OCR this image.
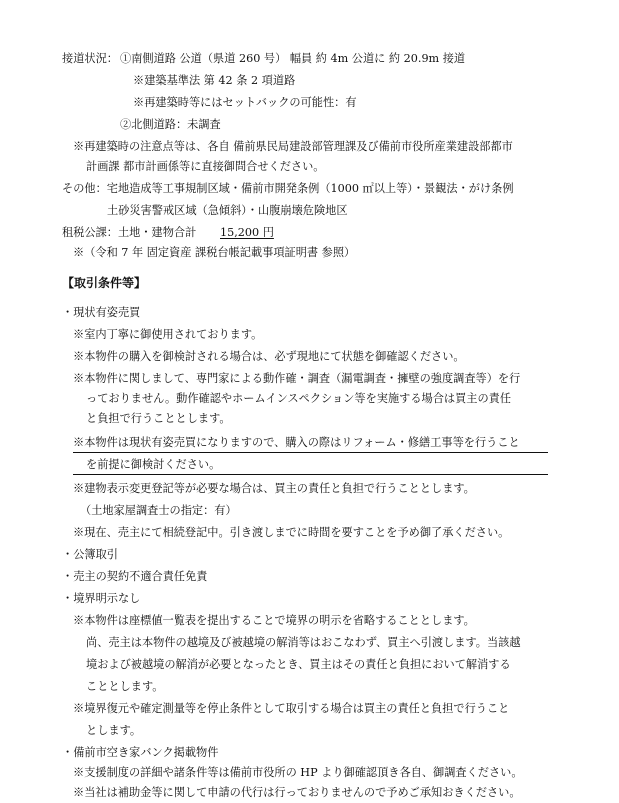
接道状況： ①南側道路 公道（県道 260 号） 幅員 約 4m 公道に 約 20.9m 接道
※建築基準法 第 42 条 2 項道路
※再建築時等にはセットバックの可能性：有
②北側道路：未調査
※再建築時の注意点等は、各自 備前県民局建設部管理課及び備前市役所産業建設部都市
計画課 都市計画係等に直接御問合せください。
その他：宅地造成等工事規制区域・備前市開発条例（1000 ㎡以上等）・景観法・がけ条例
土砂災害警戒区域（急傾斜）・山腹崩壊危険地区
租税公課：土地・建物合計	15,200 円
※（令和 7 年 固定資産 課税台帳記載事項証明書 参照）
【取引条件等】
・現状有姿売買
※室内丁寧に御使用されております。
※本物件の購入を御検討される場合は、必ず現地にて状態を御確認ください。
※本物件に関しまして、専門家による動作確・調査（漏電調査・擁壁の強度調査等）を行
っておりません。動作確認やホームインスペクション等を実施する場合は買主の責任
と負担で行うこととします。
※本物件は現状有姿売買になりますので、購入の際はリフォーム・修繕工事等を行うこと
を前提に御検討ください。
※建物表示変更登記等が必要な場合は、買主の責任と負担で行うこととします。
（土地家屋調査士の指定：有）
※現在、売主にて相続登記中。引き渡しまでに時間を要すことを予め御了承ください。
・公簿取引
・売主の契約不適合責任免責
・境界明示なし
※本物件は座標値一覧表を提出することで境界の明示を省略することとします。
尚、売主は本物件の越境及び被越境の解消等はおこなわず、買主へ引渡します。当該越
境および被越境の解消が必要となったとき、買主はその責任と負担において解消する
こととします。
※境界復元や確定測量等を停止条件として取引する場合は買主の責任と負担で行うこと
とします。
・備前市空き家バンク掲載物件
※支援制度の詳細や諸条件等は備前市役所の HP より御確認頂き各自、御調査ください。
※当社は補助金等に関して申請の代行は行っておりませんので予めご承知おきください。
